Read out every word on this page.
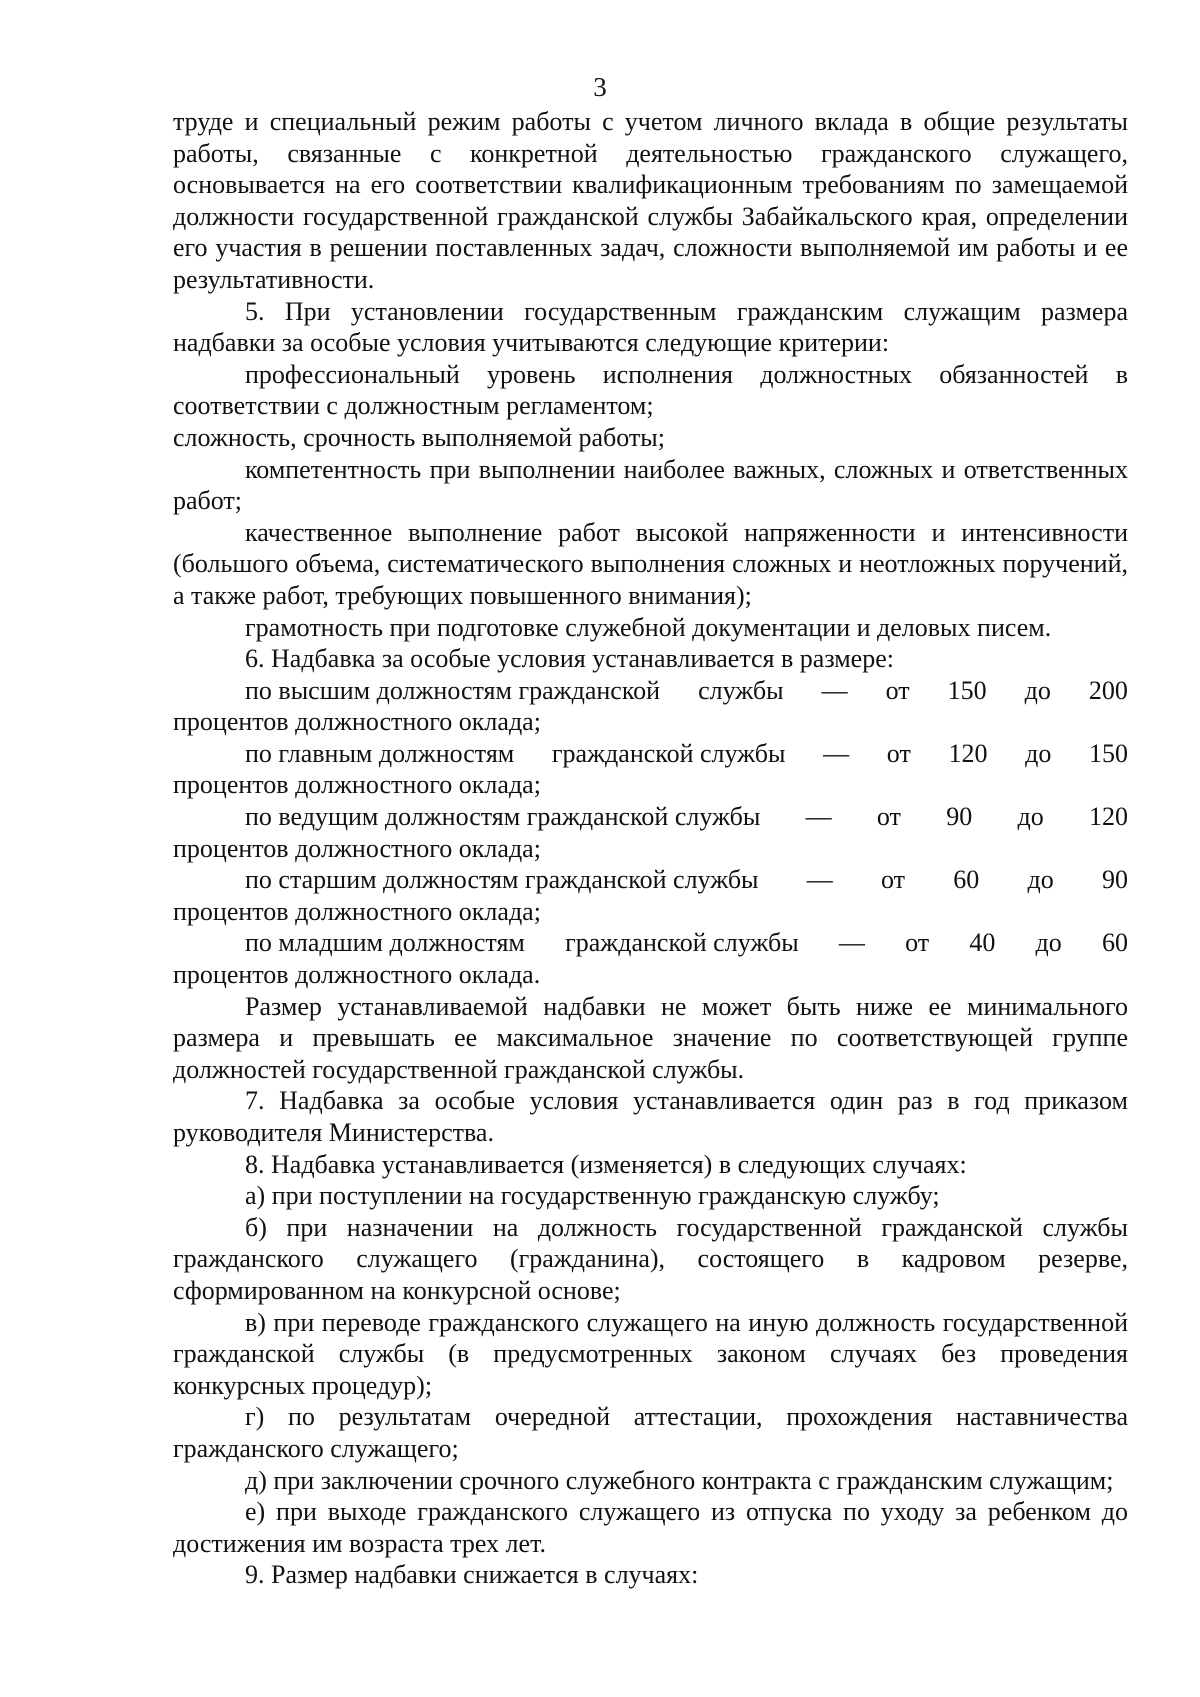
3

труде и специальный режим работы с учетом личного вклада в общие результаты работы, связанные с конкретной деятельностью гражданского служащего, основывается на его соответствии квалификационным требованиям по замещаемой должности государственной гражданской службы Забайкальского края, определении его участия в решении поставленных задач, сложности выполняемой им работы и ее результативности.

5. При установлении государственным гражданским служащим размера надбавки за особые условия учитываются следующие критерии:

профессиональный уровень исполнения должностных обязанностей в соответствии с должностным регламентом;

сложность, срочность выполняемой работы;

компетентность при выполнении наиболее важных, сложных и ответственных работ;

качественное выполнение работ высокой напряженности и интенсивности (большого объема, систематического выполнения сложных и неотложных поручений, а также работ, требующих повышенного внимания);

грамотность при подготовке служебной документации и деловых писем.

6. Надбавка за особые условия устанавливается в размере:

по высшим должностям гражданской службы — от 150 до 200

процентов должностного оклада;

по главным должностям гражданской службы — от 120 до 150

процентов должностного оклада;

по ведущим должностям гражданской службы — от 90 до 120

процентов должностного оклада;

по старшим должностям гражданской службы — от 60 до 90

процентов должностного оклада;

по младшим должностям гражданской службы — от 40 до 60

процентов должностного оклада.

Размер устанавливаемой надбавки не может быть ниже ее минимального размера и превышать ее максимальное значение по соответствующей группе должностей государственной гражданской службы.

7. Надбавка за особые условия устанавливается один раз в год приказом руководителя Министерства.

8. Надбавка устанавливается (изменяется) в следующих случаях:

а) при поступлении на государственную гражданскую службу;

б) при назначении на должность государственной гражданской службы гражданского служащего (гражданина), состоящего в кадровом резерве, сформированном на конкурсной основе;

в) при переводе гражданского служащего на иную должность государственной гражданской службы (в предусмотренных законом случаях без проведения конкурсных процедур);

г) по результатам очередной аттестации, прохождения наставничества гражданского служащего;

д) при заключении срочного служебного контракта с гражданским служащим;

е) при выходе гражданского служащего из отпуска по уходу за ребенком до достижения им возраста трех лет.

9. Размер надбавки снижается в случаях:
